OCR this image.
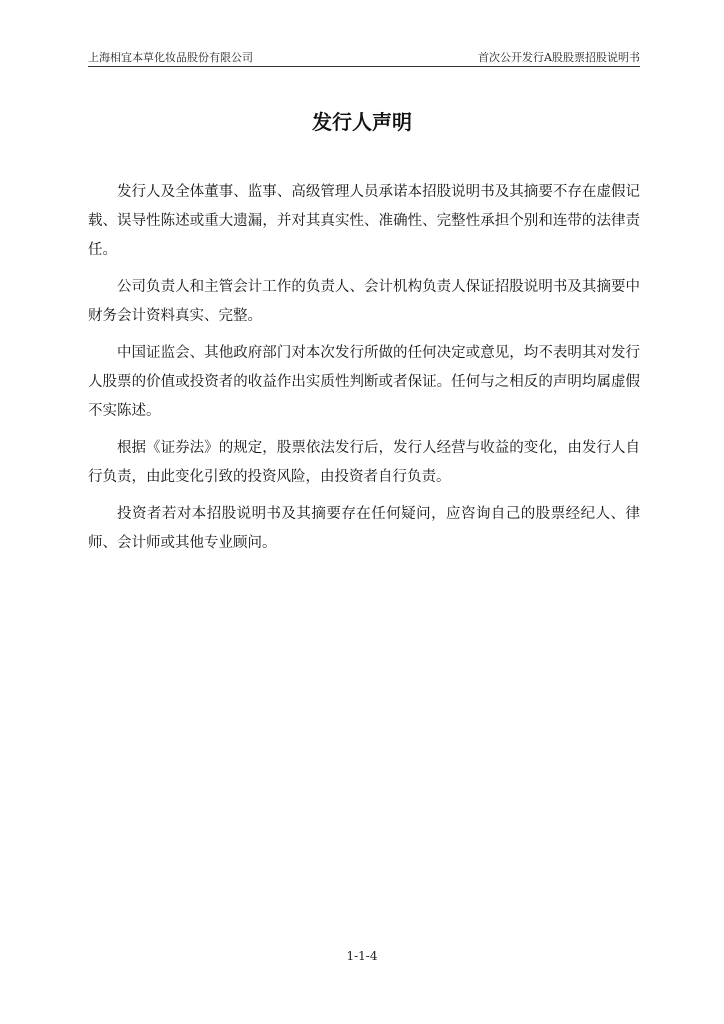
上海相宜本草化妆品股份有限公司	首次公开发行A股股票招股说明书
发行人声明

发行人及全体董事、监事、高级管理人员承诺本招股说明书及其摘要不存在虚假记载、误导性陈述或重大遗漏，并对其真实性、准确性、完整性承担个别和连带的法律责任。

公司负责人和主管会计工作的负责人、会计机构负责人保证招股说明书及其摘要中财务会计资料真实、完整。

中国证监会、其他政府部门对本次发行所做的任何决定或意见，均不表明其对发行人股票的价值或投资者的收益作出实质性判断或者保证。任何与之相反的声明均属虚假不实陈述。

根据《证券法》的规定，股票依法发行后，发行人经营与收益的变化，由发行人自行负责，由此变化引致的投资风险，由投资者自行负责。

投资者若对本招股说明书及其摘要存在任何疑问，应咨询自己的股票经纪人、律师、会计师或其他专业顾问。

1-1-4
